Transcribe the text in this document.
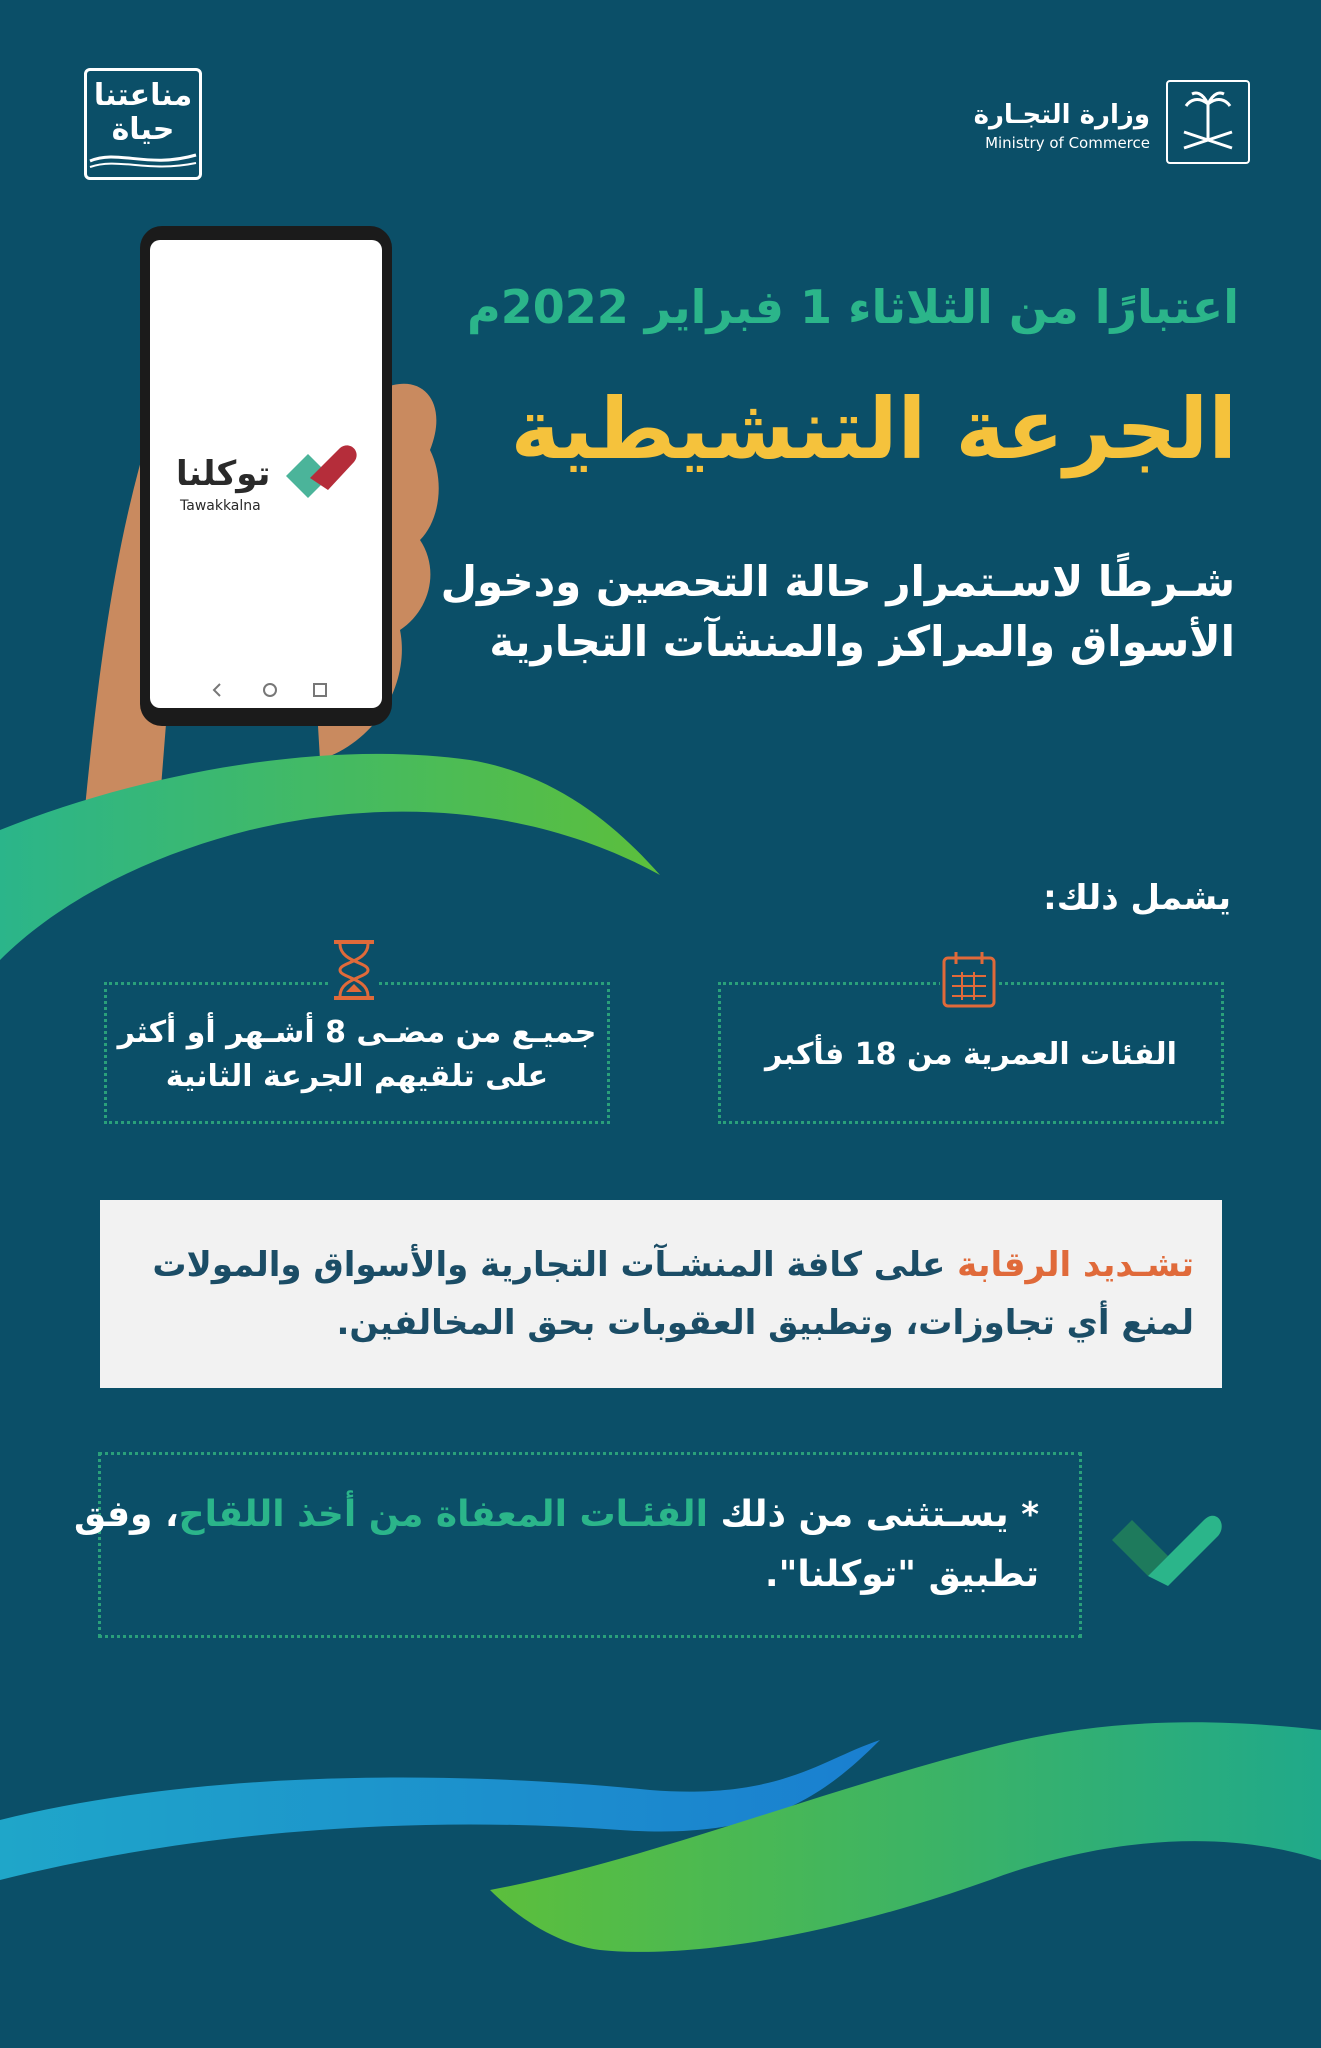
مناعتنا
حياة	وزارة التجـارة
Ministry of Commerce
توكلنا
Tawakkalna
اعتبارًا من الثلاثاء 1 فبراير 2022م
الجرعة التنشيطية
شـرطًا لاسـتمرار حالة التحصين ودخول
الأسواق والمراكز والمنشآت التجارية
يشمل ذلك:
الفئات العمرية من 18 فأكبر
جميـع من مضـى 8 أشـهر أو أكثر
على تلقيهم الجرعة الثانية
تشـديد الرقابة على كافة المنشـآت التجارية والأسواق والمولات
لمنع أي تجاوزات، وتطبيق العقوبات بحق المخالفين.
* يسـتثنى من ذلك الفئـات المعفاة من أخذ اللقاح، وفق
تطبيق "توكلنا".
